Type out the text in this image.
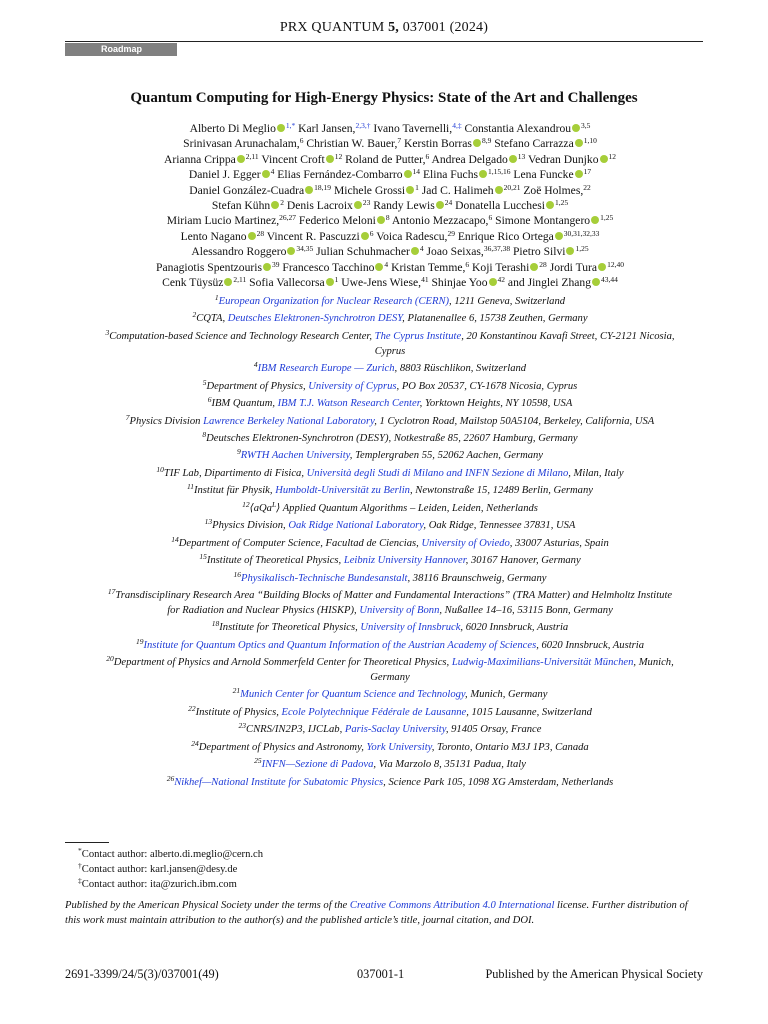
PRX QUANTUM 5, 037001 (2024)
Roadmap
Quantum Computing for High-Energy Physics: State of the Art and Challenges
Alberto Di Meglio $^{1,*}$ Karl Jansen,$^{2,3,\dagger}$ Ivano Tavernelli,$^{4,\ddagger}$ Constantia Alexandrou $^{3,5}$
Srinivasan Arunachalam,$^6$ Christian W. Bauer,$^7$ Kerstin Borras $^{8,9}$ Stefano Carrazza $^{1,10}$
Arianna Crippa $^{2,11}$ Vincent Croft $^{12}$ Roland de Putter,$^6$ Andrea Delgado $^{13}$ Vedran Dunjko $^{12}$
Daniel J. Egger $^4$ Elias Fernández-Combarro $^{14}$ Elina Fuchs $^{1,15,16}$ Lena Funcke $^{17}$
Daniel González-Cuadra $^{18,19}$ Michele Grossi $^1$ Jad C. Halimeh $^{20,21}$ Zoë Holmes,$^{22}$
Stefan Kühn $^2$ Denis Lacroix $^{23}$ Randy Lewis $^{24}$ Donatella Lucchesi $^{1,25}$
Miriam Lucio Martinez,$^{26,27}$ Federico Meloni $^8$ Antonio Mezzacapo,$^6$ Simone Montangero $^{1,25}$
Lento Nagano $^{28}$ Vincent R. Pascuzzi $^6$ Voica Radescu,$^{29}$ Enrique Rico Ortega $^{30,31,32,33}$
Alessandro Roggero $^{34,35}$ Julian Schuhmacher $^4$ Joao Seixas,$^{36,37,38}$ Pietro Silvi $^{1,25}$
Panagiotis Spentzouris $^{39}$ Francesco Tacchino $^4$ Kristan Temme,$^6$ Koji Terashi $^{28}$ Jordi Tura $^{12,40}$
Cenk Tüysüz $^{2,11}$ Sofia Vallecorsa $^1$ Uwe-Jens Wiese,$^{41}$ Shinjae Yoo $^{42}$ and Jinglei Zhang $^{43,44}$
$^1$European Organization for Nuclear Research (CERN), 1211 Geneva, Switzerland
$^2$CQTA, Deutsches Elektronen-Synchrotron DESY, Platanenallee 6, 15738 Zeuthen, Germany
$^3$Computation-based Science and Technology Research Center, The Cyprus Institute, 20 Konstantinou Kavafi Street, CY-2121 Nicosia, Cyprus
$^4$IBM Research Europe — Zurich, 8803 Rüschlikon, Switzerland
$^5$Department of Physics, University of Cyprus, PO Box 20537, CY-1678 Nicosia, Cyprus
$^6$IBM Quantum, IBM T.J. Watson Research Center, Yorktown Heights, NY 10598, USA
$^7$Physics Division Lawrence Berkeley National Laboratory, 1 Cyclotron Road, Mailstop 50A5104, Berkeley, California, USA
$^8$Deutsches Elektronen-Synchrotron (DESY), Notkestraße 85, 22607 Hamburg, Germany
$^9$RWTH Aachen University, Templergraben 55, 52062 Aachen, Germany
$^{10}$TIF Lab, Dipartimento di Fisica, Università degli Studi di Milano and INFN Sezione di Milano, Milan, Italy
$^{11}$Institut für Physik, Humboldt-Universität zu Berlin, Newtonstraße 15, 12489 Berlin, Germany
$^{12}$⟨aQa$^L$⟩ Applied Quantum Algorithms – Leiden, Leiden, Netherlands
$^{13}$Physics Division, Oak Ridge National Laboratory, Oak Ridge, Tennessee 37831, USA
$^{14}$Department of Computer Science, Facultad de Ciencias, University of Oviedo, 33007 Asturias, Spain
$^{15}$Institute of Theoretical Physics, Leibniz University Hannover, 30167 Hanover, Germany
$^{16}$Physikalisch-Technische Bundesanstalt, 38116 Braunschweig, Germany
$^{17}$Transdisciplinary Research Area “Building Blocks of Matter and Fundamental Interactions” (TRA Matter) and Helmholtz Institute for Radiation and Nuclear Physics (HISKP), University of Bonn, Nußallee 14–16, 53115 Bonn, Germany
$^{18}$Institute for Theoretical Physics, University of Innsbruck, 6020 Innsbruck, Austria
$^{19}$Institute for Quantum Optics and Quantum Information of the Austrian Academy of Sciences, 6020 Innsbruck, Austria
$^{20}$Department of Physics and Arnold Sommerfeld Center for Theoretical Physics, Ludwig-Maximilians-Universität München, Munich, Germany
$^{21}$Munich Center for Quantum Science and Technology, Munich, Germany
$^{22}$Institute of Physics, Ecole Polytechnique Fédérale de Lausanne, 1015 Lausanne, Switzerland
$^{23}$CNRS/IN2P3, IJCLab, Paris-Saclay University, 91405 Orsay, France
$^{24}$Department of Physics and Astronomy, York University, Toronto, Ontario M3J 1P3, Canada
$^{25}$INFN—Sezione di Padova, Via Marzolo 8, 35131 Padua, Italy
$^{26}$Nikhef—National Institute for Subatomic Physics, Science Park 105, 1098 XG Amsterdam, Netherlands
*Contact author: alberto.di.meglio@cern.ch
†Contact author: karl.jansen@desy.de
‡Contact author: ita@zurich.ibm.com
Published by the American Physical Society under the terms of the Creative Commons Attribution 4.0 International license. Further distribution of this work must maintain attribution to the author(s) and the published article’s title, journal citation, and DOI.
2691-3399/24/5(3)/037001(49)	037001-1	Published by the American Physical Society
